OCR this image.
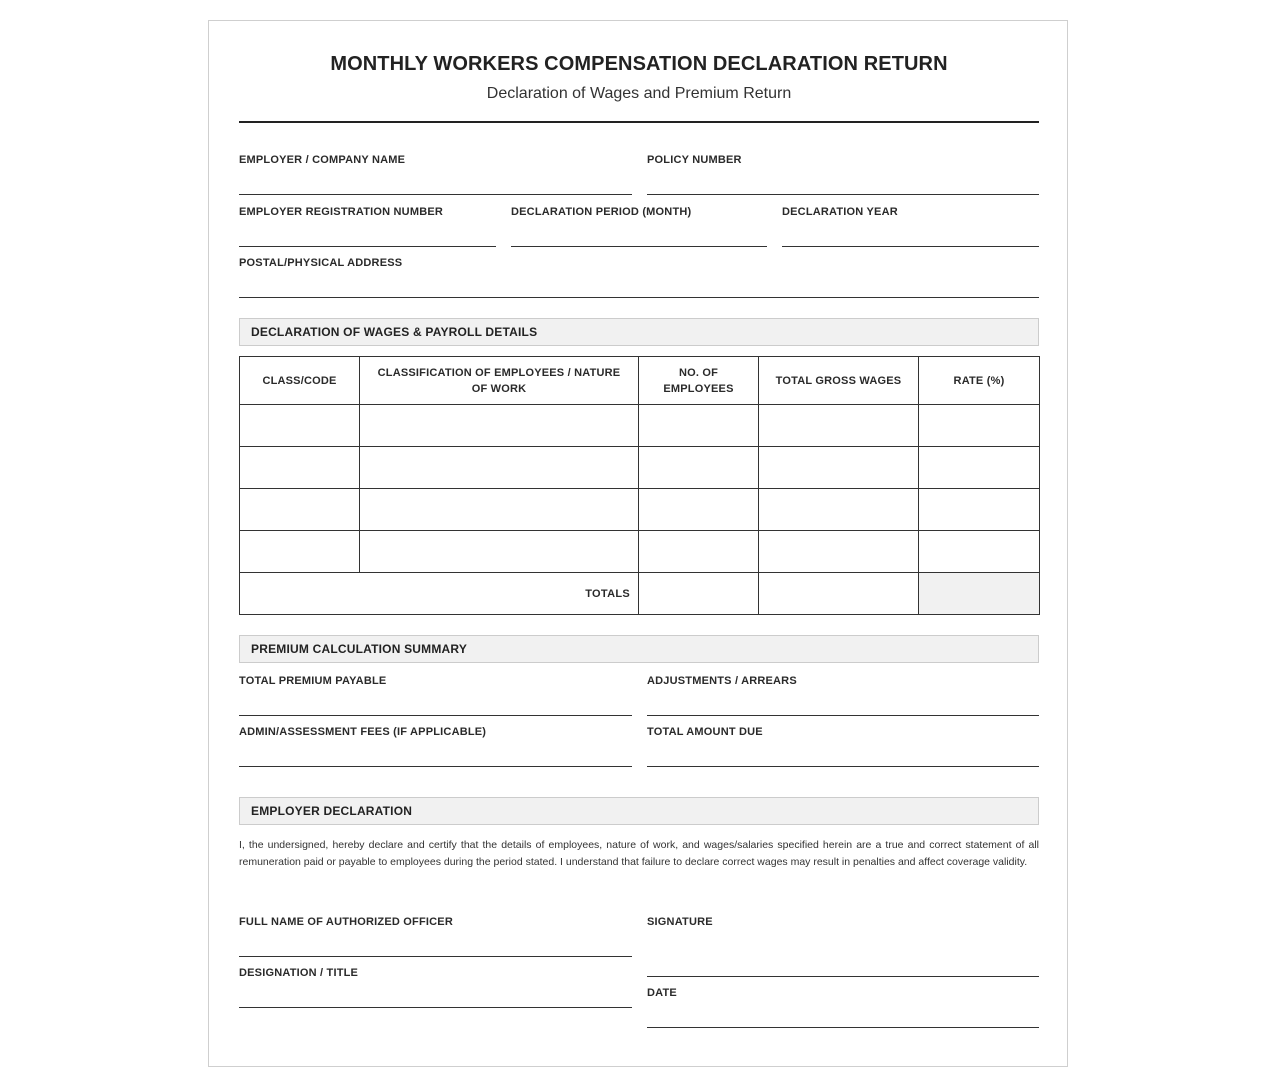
MONTHLY WORKERS COMPENSATION DECLARATION RETURN
Declaration of Wages and Premium Return
EMPLOYER / COMPANY NAME	POLICY NUMBER
EMPLOYER REGISTRATION NUMBER	DECLARATION PERIOD (MONTH)	DECLARATION YEAR
POSTAL/PHYSICAL ADDRESS
DECLARATION OF WAGES & PAYROLL DETAILS
CLASS/CODE	CLASSIFICATION OF EMPLOYEES / NATURE OF WORK	NO. OF EMPLOYEES	TOTAL GROSS WAGES	RATE (%)

TOTALS				
PREMIUM CALCULATION SUMMARY
TOTAL PREMIUM PAYABLE	ADJUSTMENTS / ARREARS
ADMIN/ASSESSMENT FEES (IF APPLICABLE)	TOTAL AMOUNT DUE
EMPLOYER DECLARATION
I, the undersigned, hereby declare and certify that the details of employees, nature of work, and wages/salaries specified herein are a true and correct statement of all remuneration paid or payable to employees during the period stated. I understand that failure to declare correct wages may result in penalties and affect coverage validity.
FULL NAME OF AUTHORIZED OFFICER	SIGNATURE
DESIGNATION / TITLE
DATE
